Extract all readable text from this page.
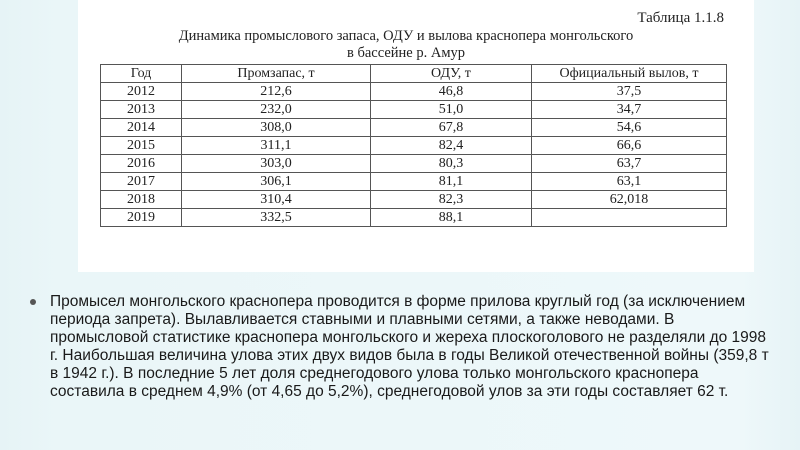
Таблица 1.1.8
Динамика промыслового запаса, ОДУ и вылова краснопера монгольского
в бассейне р. Амур
Год	Промзапас, т	ОДУ, т	Официальный вылов, т
2012	212,6	46,8	37,5
2013	232,0	51,0	34,7
2014	308,0	67,8	54,6
2015	311,1	82,4	66,6
2016	303,0	80,3	63,7
2017	306,1	81,1	63,1
2018	310,4	82,3	62,018
2019	332,5	88,1	
Промысел монгольского краснопера проводится в форме прилова круглый год (за исключением периода запрета). Вылавливается ставными и плавными сетями, а также неводами. В промысловой статистике краснопера монгольского и жереха плоскоголового не разделяли до 1998 г. Наибольшая величина улова этих двух видов была в годы Великой отечественной войны (359,8 т в 1942 г.). В последние 5 лет доля среднегодового улова только монгольского краснопера составила в среднем 4,9% (от 4,65 до 5,2%), среднегодовой улов за эти годы составляет 62 т.
